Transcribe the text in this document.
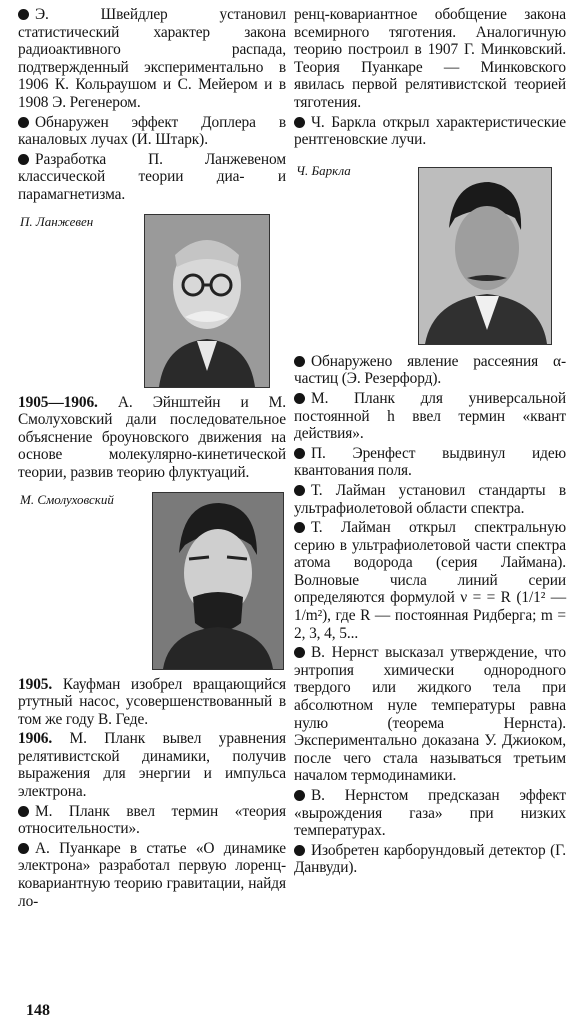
Э. Швейдлер установил статистический характер закона радиоактивного распада, подтвержденный экспериментально в 1906 К. Кольраушом и С. Мейером и в 1908 Э. Регенером.

Обнаружен эффект Доплера в каналовых лучах (И. Штарк).

Разработка П. Ланжевеном классической теории диа- и парамагнетизма.

П. Ланжевен

1905—1906. А. Эйнштейн и М. Смолуховский дали последовательное объяснение броуновского движения на основе молекулярно-кинетической теории, развив теорию флуктуаций.

М. Смолуховский

1905. Кауфман изобрел вращающийся ртутный насос, усовершенствованный в том же году В. Геде.

1906. М. Планк вывел уравнения релятивистской динамики, получив выражения для энергии и импульса электрона.

М. Планк ввел термин «теория относительности».

А. Пуанкаре в статье «О динамике электрона» разработал первую лоренц-ковариантную теорию гравитации, найдя ло-

ренц-ковариантное обобщение закона всемирного тяготения. Аналогичную теорию построил в 1907 Г. Минковский. Теория Пуанкаре — Минковского явилась первой релятивистской теорией тяготения.

Ч. Баркла открыл характеристические рентгеновские лучи.

Ч. Баркла

Обнаружено явление рассеяния α-частиц (Э. Резерфорд).

М. Планк для универсальной постоянной h ввел термин «квант действия».

П. Эренфест выдвинул идею квантования поля.

Т. Лайман установил стандарты в ультрафиолетовой области спектра.

Т. Лайман открыл спектральную серию в ультрафиолетовой части спектра атома водорода (серия Лаймана). Волновые числа линий серии определяются формулой ν = = R (1/1² — 1/m²), где R — постоянная Ридберга; m = 2, 3, 4, 5...

В. Нернст высказал утверждение, что энтропия химически однородного твердого или жидкого тела при абсолютном нуле температуры равна нулю (теорема Нернста). Экспериментально доказана У. Джиоком, после чего стала называться третьим началом термодинамики.

В. Нернстом предсказан эффект «вырождения газа» при низких температурах.

Изобретен карборундовый детектор (Г. Данвуди).

148
